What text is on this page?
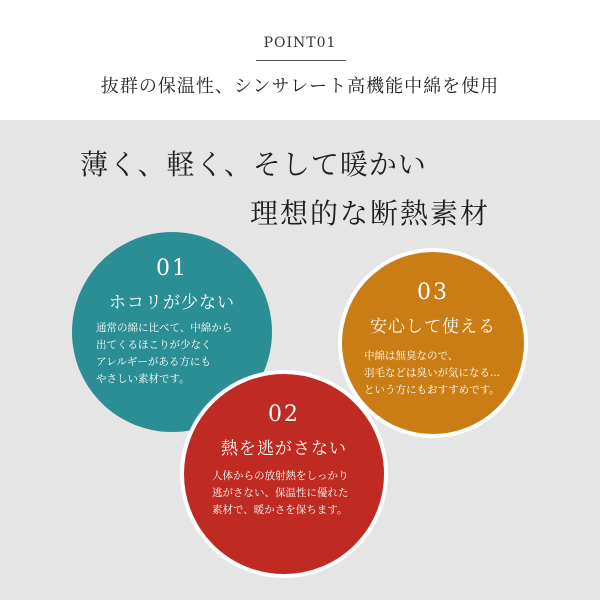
POINT01
抜群の保温性、シンサレート高機能中綿を使用
薄く、軽く、そして暖かい
理想的な断熱素材
01
ホコリが少ない
通常の綿に比べて、中綿から
出てくるほこりが少なく
アレルギーがある方にも
やさしい素材です。
03
安心して使える
中綿は無臭なので、
羽毛などは臭いが気になる...
という方にもおすすめです。
02
熱を逃がさない
人体からの放射熱をしっかり
逃がさない、保温性に優れた
素材で、暖かさを保ちます。
